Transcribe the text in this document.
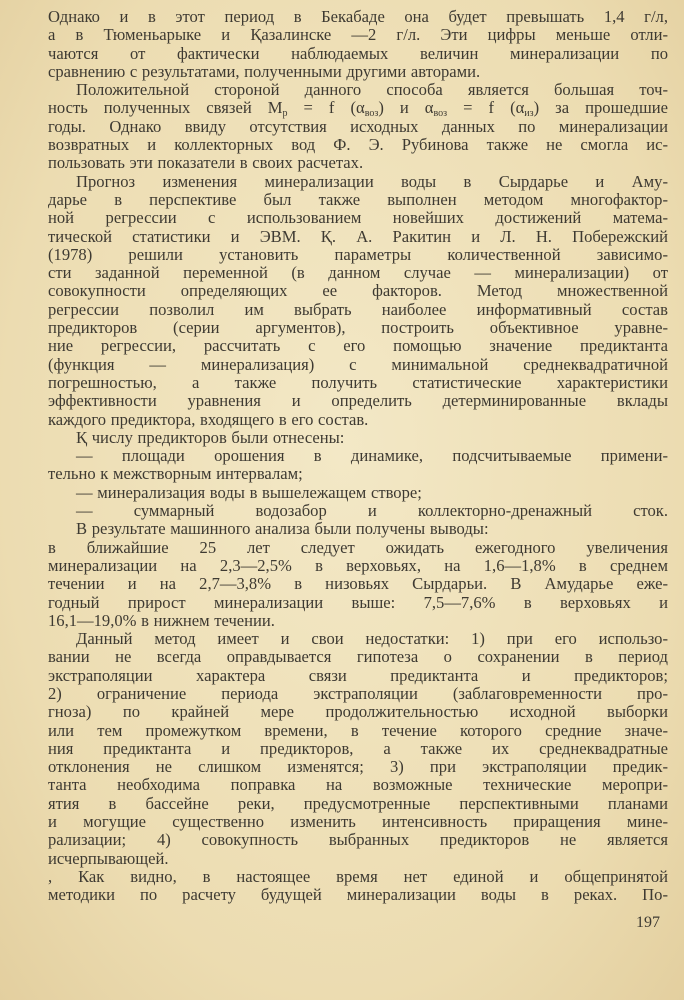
Однако и в этот период в Бекабаде она будет превышать 1,4 г/л,
а в Тюменьарыке и Қазалинске —2 г/л. Эти цифры меньше отли-
чаются от фактически наблюдаемых величин минерализации по
сравнению с результатами, полученными другими авторами.
Положительной стороной данного способа является большая точ-
ность полученных связей $M_р = f$ $(\alpha_{воз})$ и $\alpha_{воз} = f$ $(\alpha_{из})$ за прошедшие
годы. Однако ввиду отсутствия исходных данных по минерализации
возвратных и коллекторных вод Ф. Э. Рубинова также не смогла ис-
пользовать эти показатели в своих расчетах.
Прогноз изменения минерализации воды в Сырдарье и Аму-
дарье в перспективе был также выполнен методом многофактор-
ной регрессии с использованием новейших достижений матема-
тической статистики и ЭВМ. Қ. А. Ракитин и Л. Н. Побережский
(1978) решили установить параметры количественной зависимо-
сти заданной переменной (в данном случае — минерализации) от
совокупности определяющих ее факторов. Метод множественной
регрессии позволил им выбрать наиболее информативный состав
предикторов (серии аргументов), построить объективное уравне-
ние регрессии, рассчитать с его помощью значение предиктанта
(функция — минерализация) с минимальной среднеквадратичной
погрешностью, а также получить статистические характеристики
эффективности уравнения и определить детерминированные вклады
каждого предиктора, входящего в его состав.
Қ числу предикторов были отнесены:
— площади орошения в динамике, подсчитываемые примени-
тельно к межстворным интервалам;
— минерализация воды в вышележащем створе;
— суммарный водозабор и коллекторно-дренажный сток.
В результате машинного анализа были получены выводы:
в ближайшие 25 лет следует ожидать ежегодного увеличения
минерализации на 2,3—2,5% в верховьях, на 1,6—1,8% в среднем
течении и на 2,7—3,8% в низовьях Сырдарьи. В Амударье еже-
годный прирост минерализации выше: 7,5—7,6% в верховьях и
16,1—19,0% в нижнем течении.
Данный метод имеет и свои недостатки: 1) при его использо-
вании не всегда оправдывается гипотеза о сохранении в период
экстраполяции характера связи предиктанта и предикторов;
2) ограничение периода экстраполяции (заблаговременности про-
гноза) по крайней мере продолжительностью исходной выборки
или тем промежутком времени, в течение которого средние значе-
ния предиктанта и предикторов, а также их среднеквадратные
отклонения не слишком изменятся; 3) при экстраполяции предик-
танта необходима поправка на возможные технические меропри-
ятия в бассейне реки, предусмотренные перспективными планами
и могущие существенно изменить интенсивность приращения мине-
рализации; 4) совокупность выбранных предикторов не является
исчерпывающей.
, Как видно, в настоящее время нет единой и общепринятой
методики по расчету будущей минерализации воды в реках. По-
197
